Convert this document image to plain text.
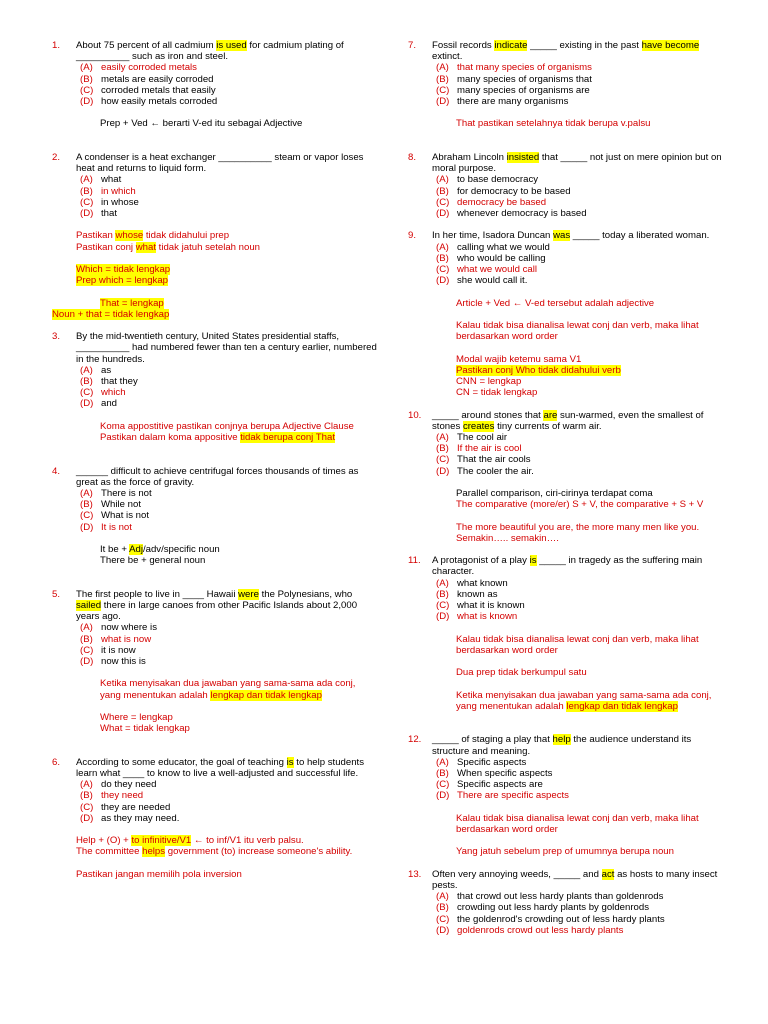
1. About 75 percent of all cadmium is used for cadmium plating of
__________ such as iron and steel.
(A) easily corroded metals
(B) metals are easily corroded
(C) corroded metals that easily
(D) how easily metals corroded
Prep + Ved ← berarti V-ed itu sebagai Adjective
2. A condenser is a heat exchanger __________ steam or vapor loses
heat and returns to liquid form.
(A) what
(B) in which
(C) in whose
(D) that
Pastikan whose tidak didahului prep
Pastikan conj what tidak jatuh setelah noun
Which = tidak lengkap
Prep which = lengkap
That = lengkap
Noun + that = tidak lengkap
3. By the mid-twentieth century, United States presidential staffs,
__________ had numbered fewer than ten a century earlier, numbered
in the hundreds.
(A) as
(B) that they
(C) which
(D) and
Koma appostitive pastikan conjnya berupa Adjective Clause
Pastikan dalam koma appositive tidak berupa conj That
4. ______ difficult to achieve centrifugal forces thousands of times as
great as the force of gravity.
(A) There is not
(B) While not
(C) What is not
(D) It is not
It be + Adj/adv/specific noun
There be + general noun
5. The first people to live in ____ Hawaii were the Polynesians, who
sailed there in large canoes from other Pacific Islands about 2,000
years ago.
(A) now where is
(B) what is now
(C) it is now
(D) now this is
Ketika menyisakan dua jawaban yang sama-sama ada conj,
yang menentukan adalah lengkap dan tidak lengkap
Where = lengkap
What = tidak lengkap
6. According to some educator, the goal of teaching is to help students
learn what ____ to know to live a well-adjusted and successful life.
(A) do they need
(B) they need
(C) they are needed
(D) as they may need.
Help + (O) + to infinitive/V1 ← to inf/V1 itu verb palsu.
The committee helps government (to) increase someone's ability.
Pastikan jangan memilih pola inversion
7. Fossil records indicate _____ existing in the past have become
extinct.
(A) that many species of organisms
(B) many species of organisms that
(C) many species of organisms are
(D) there are many organisms
That pastikan setelahnya tidak berupa v.palsu
8. Abraham Lincoln insisted that _____ not just on mere opinion but on
moral purpose.
(A) to base democracy
(B) for democracy to be based
(C) democracy be based
(D) whenever democracy is based
9. In her time, Isadora Duncan was _____ today a liberated woman.
(A) calling what we would
(B) who would be calling
(C) what we would call
(D) she would call it.
Article + Ved ← V-ed tersebut adalah adjective
Kalau tidak bisa dianalisa lewat conj dan verb, maka lihat
berdasarkan word order
Modal wajib ketemu sama V1
Pastikan conj Who tidak didahului verb
CNN = lengkap
CN = tidak lengkap
10. _____ around stones that are sun-warmed, even the smallest of
stones creates tiny currents of warm air.
(A) The cool air
(B) If the air is cool
(C) That the air cools
(D) The cooler the air.
Parallel comparison, ciri-cirinya terdapat coma
The comparative (more/er) S + V, the comparative + S + V
The more beautiful you are, the more many men like you.
Semakin….. semakin….
11. A protagonist of a play is _____ in tragedy as the suffering main
character.
(A) what known
(B) known as
(C) what it is known
(D) what is known
Kalau tidak bisa dianalisa lewat conj dan verb, maka lihat
berdasarkan word order
Dua prep tidak berkumpul satu
Ketika menyisakan dua jawaban yang sama-sama ada conj,
yang menentukan adalah lengkap dan tidak lengkap
12. _____ of staging a play that help the audience understand its
structure and meaning.
(A) Specific aspects
(B) When specific aspects
(C) Specific aspects are
(D) There are specific aspects
Kalau tidak bisa dianalisa lewat conj dan verb, maka lihat
berdasarkan word order
Yang jatuh sebelum prep of umumnya berupa noun
13. Often very annoying weeds, _____ and act as hosts to many insect
pests.
(A) that crowd out less hardy plants than goldenrods
(B) crowding out less hardy plants by goldenrods
(C) the goldenrod's crowding out of less hardy plants
(D) goldenrods crowd out less hardy plants
